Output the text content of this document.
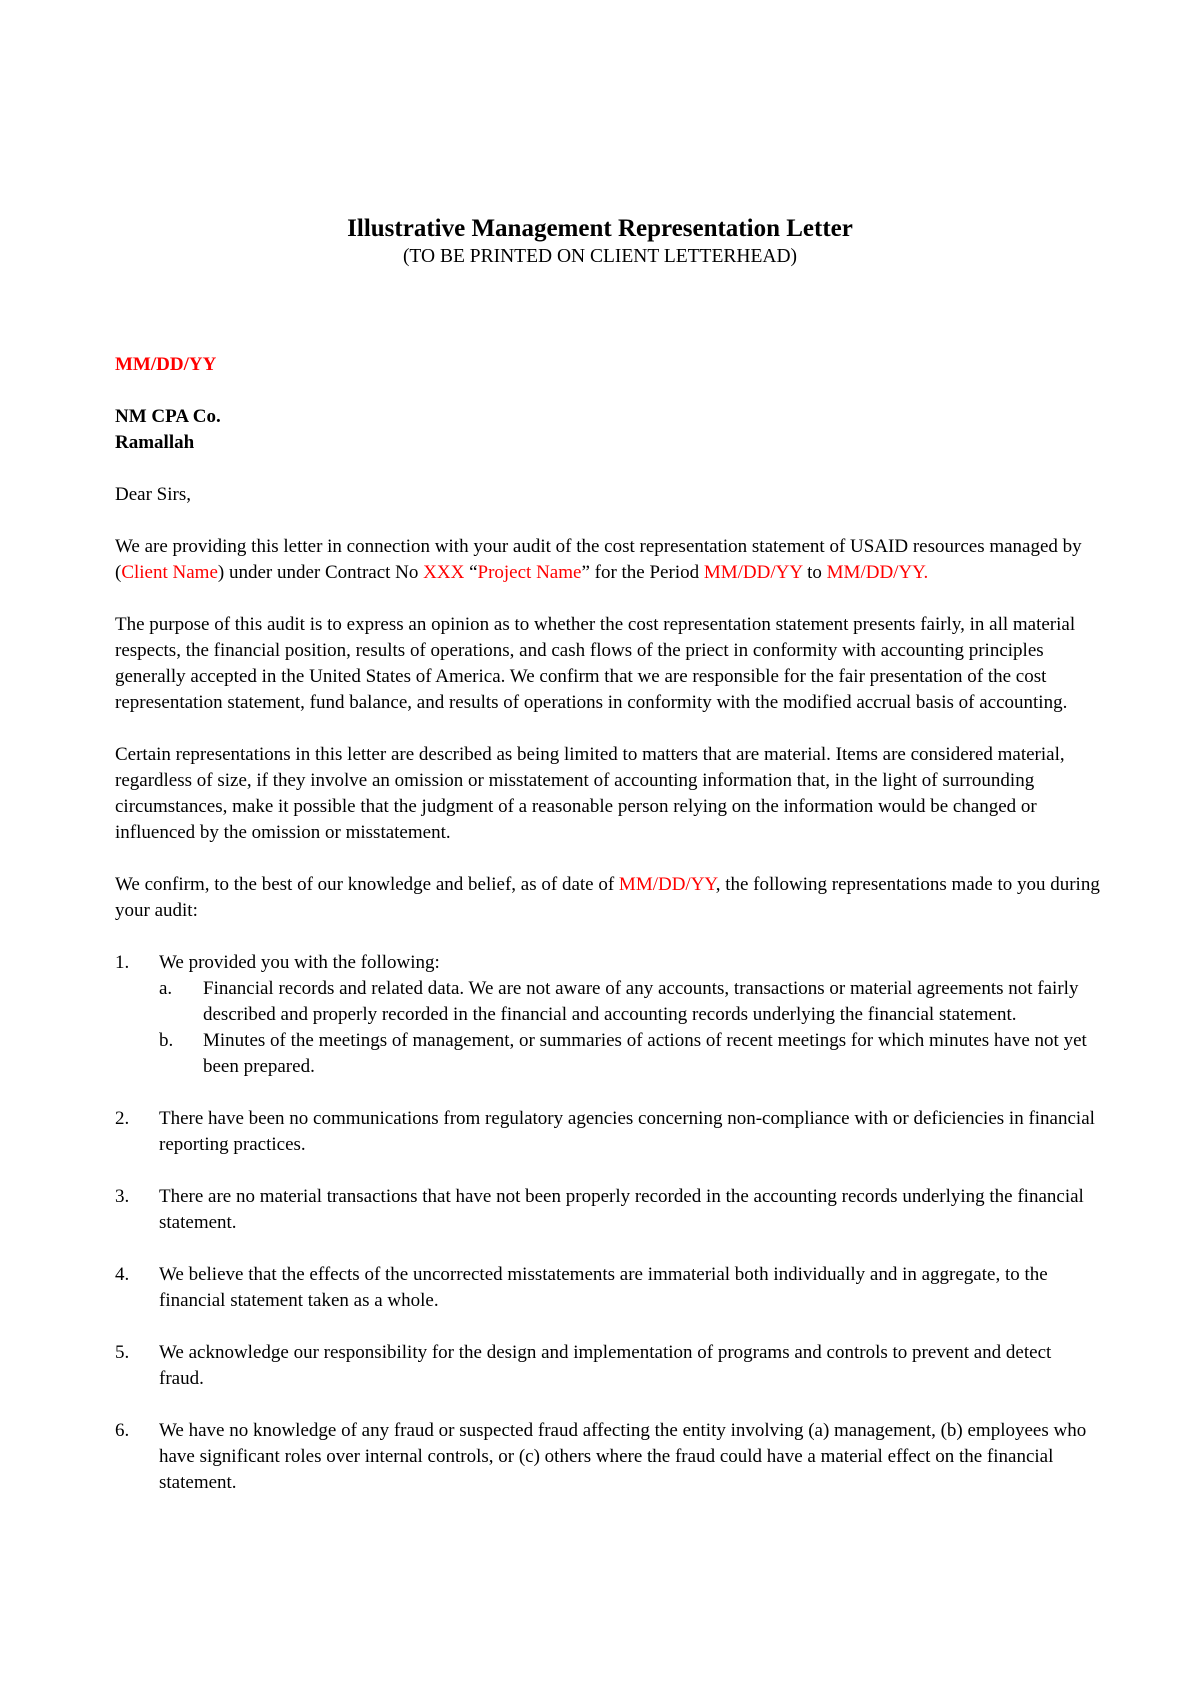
Illustrative Management Representation Letter
(TO BE PRINTED ON CLIENT LETTERHEAD)

MM/DD/YY

NM CPA Co.

Ramallah

Dear Sirs,

We are providing this letter in connection with your audit of the cost representation statement of USAID resources managed by (Client Name) under under Contract No XXX “Project Name” for the Period MM/DD/YY to MM/DD/YY.

The purpose of this audit is to express an opinion as to whether the cost representation statement presents fairly, in all material respects, the financial position, results of operations, and cash flows of the priect in conformity with accounting principles generally accepted in the United States of America. We confirm that we are responsible for the fair presentation of the cost representation statement, fund balance, and results of operations in conformity with the modified accrual basis of accounting.

Certain representations in this letter are described as being limited to matters that are material. Items are considered material, regardless of size, if they involve an omission or misstatement of accounting information that, in the light of surrounding circumstances, make it possible that the judgment of a reasonable person relying on the information would be changed or influenced by the omission or misstatement.

We confirm, to the best of our knowledge and belief, as of date of MM/DD/YY, the following representations made to you during your audit:

1.	We provided you with the following:
a. Financial records and related data. We are not aware of any accounts, transactions or material agreements not fairly described and properly recorded in the financial and accounting records underlying the financial statement.
b. Minutes of the meetings of management, or summaries of actions of recent meetings for which minutes have not yet been prepared.
2.	There have been no communications from regulatory agencies concerning non-compliance with or deficiencies in financial reporting practices.
3.	There are no material transactions that have not been properly recorded in the accounting records underlying the financial statement.
4.	We believe that the effects of the uncorrected misstatements are immaterial both individually and in aggregate, to the financial statement taken as a whole.
5.	We acknowledge our responsibility for the design and implementation of programs and controls to prevent and detect fraud.
6.	We have no knowledge of any fraud or suspected fraud affecting the entity involving (a) management, (b) employees who have significant roles over internal controls, or (c) others where the fraud could have a material effect on the financial statement.
